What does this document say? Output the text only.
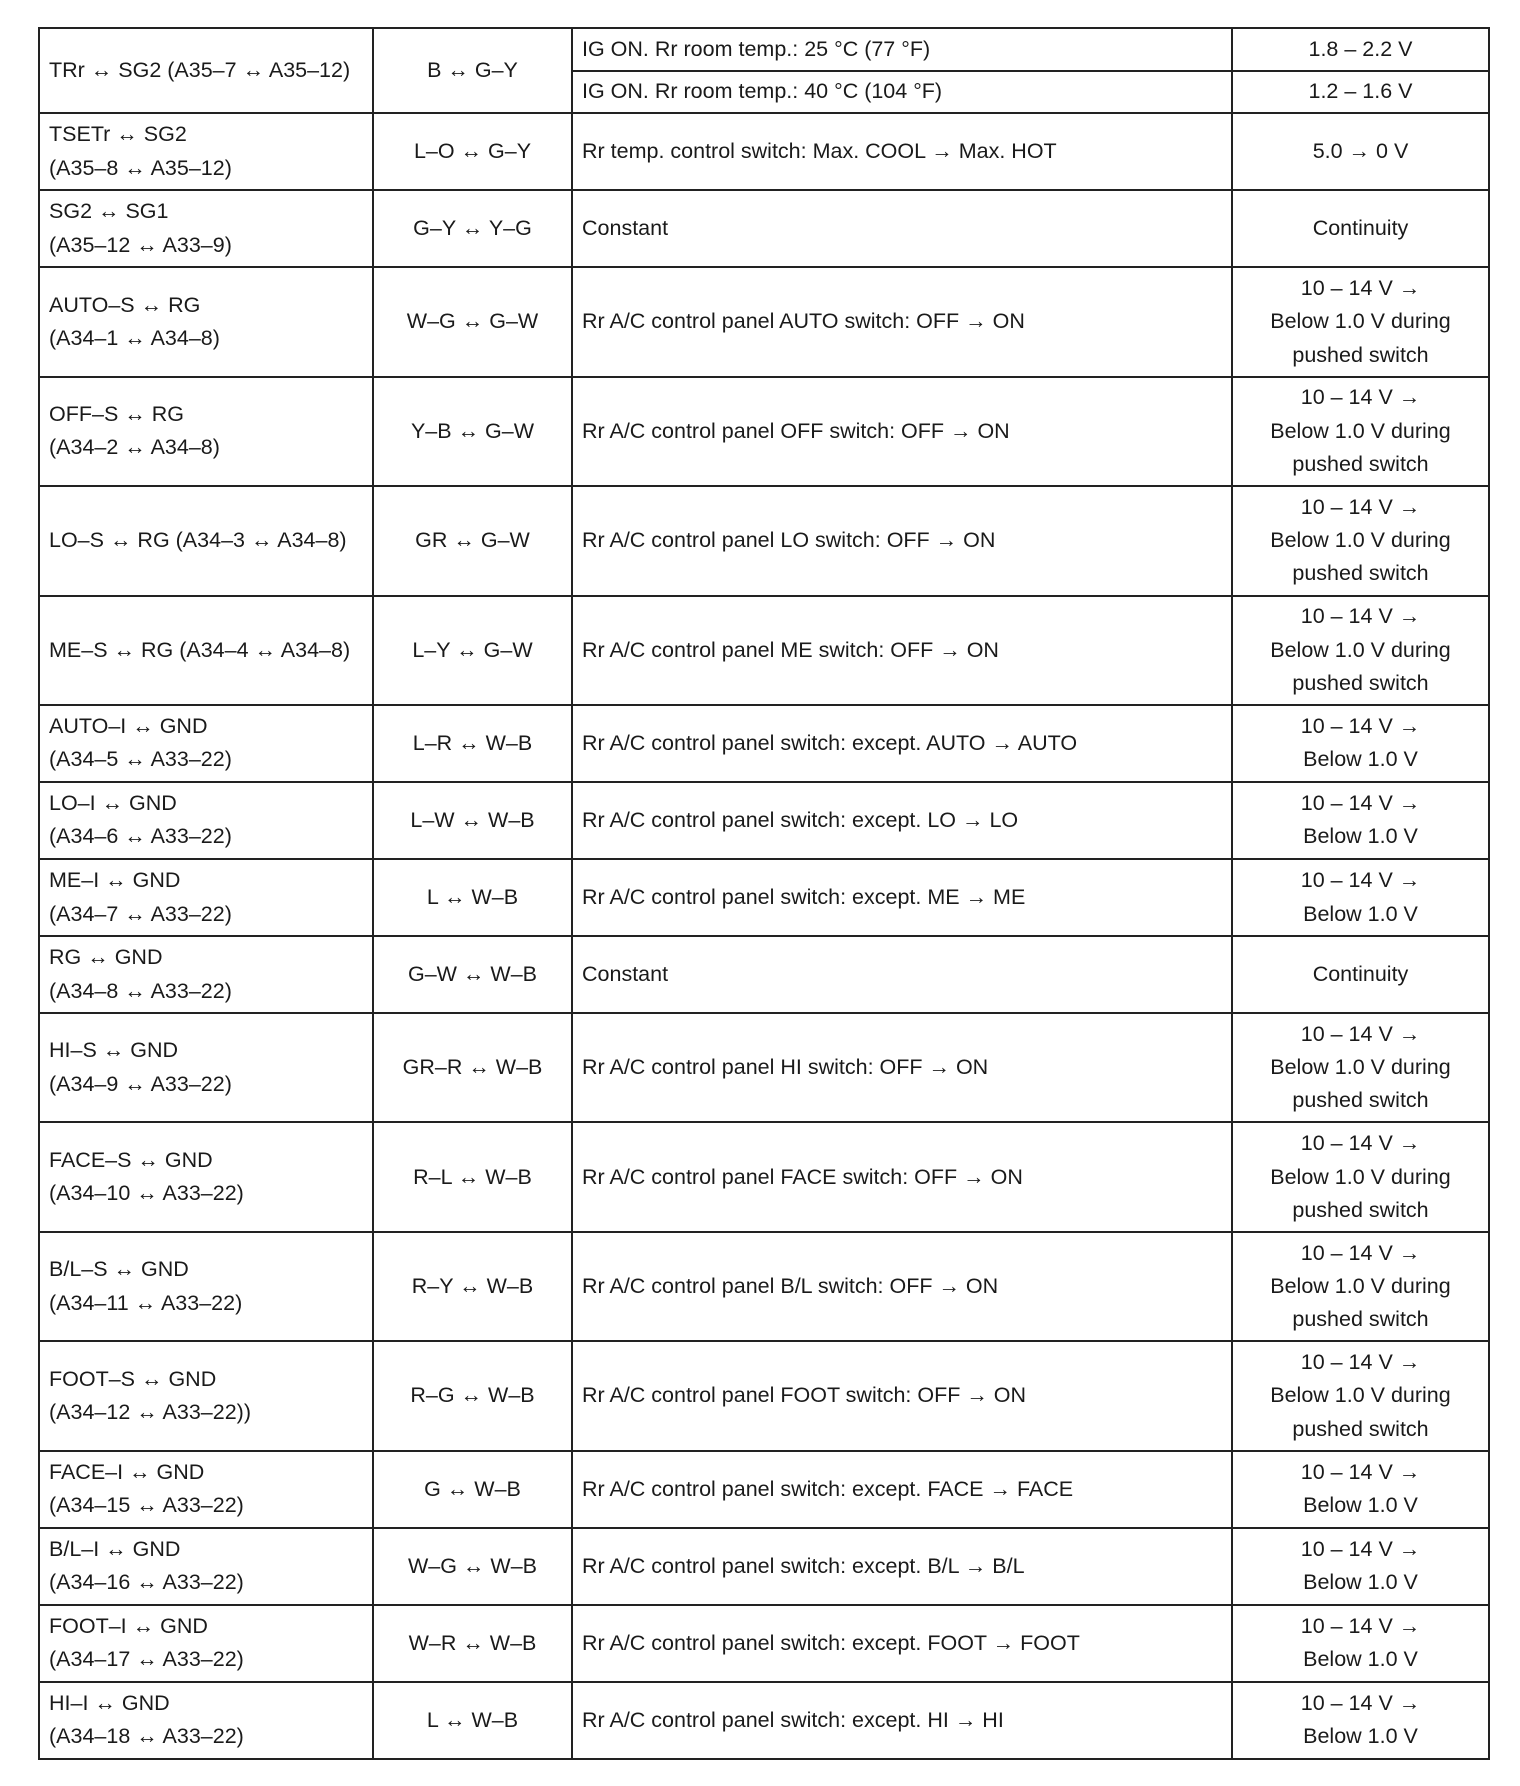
TRr ↔ SG2 (A35–7 ↔ A35–12)	B ↔ G–Y	IG ON. Rr room temp.: 25 °C (77 °F)	1.8 – 2.2 V

		IG ON. Rr room temp.: 40 °C (104 °F)	1.2 – 1.6 V

TSETr ↔ SG2
(A35–8 ↔ A35–12)	L–O ↔ G–Y	Rr temp. control switch: Max. COOL → Max. HOT	5.0 → 0 V

SG2 ↔ SG1
(A35–12 ↔ A33–9)	G–Y ↔ Y–G	Constant	Continuity

AUTO–S ↔ RG
(A34–1 ↔ A34–8)	W–G ↔ G–W	Rr A/C control panel AUTO switch: OFF → ON	10 – 14 V →
Below 1.0 V during
pushed switch

OFF–S ↔ RG
(A34–2 ↔ A34–8)	Y–B ↔ G–W	Rr A/C control panel OFF switch: OFF → ON	10 – 14 V →
Below 1.0 V during
pushed switch

LO–S ↔ RG (A34–3 ↔ A34–8)	GR ↔ G–W	Rr A/C control panel LO switch: OFF → ON	10 – 14 V →
Below 1.0 V during
pushed switch

ME–S ↔ RG (A34–4 ↔ A34–8)	L–Y ↔ G–W	Rr A/C control panel ME switch: OFF → ON	10 – 14 V →
Below 1.0 V during
pushed switch

AUTO–I ↔ GND
(A34–5 ↔ A33–22)	L–R ↔ W–B	Rr A/C control panel switch: except. AUTO → AUTO	10 – 14 V →
Below 1.0 V

LO–I ↔ GND
(A34–6 ↔ A33–22)	L–W ↔ W–B	Rr A/C control panel switch: except. LO → LO	10 – 14 V →
Below 1.0 V

ME–I ↔ GND
(A34–7 ↔ A33–22)	L ↔ W–B	Rr A/C control panel switch: except. ME → ME	10 – 14 V →
Below 1.0 V

RG ↔ GND
(A34–8 ↔ A33–22)	G–W ↔ W–B	Constant	Continuity

HI–S ↔ GND
(A34–9 ↔ A33–22)	GR–R ↔ W–B	Rr A/C control panel HI switch: OFF → ON	10 – 14 V →
Below 1.0 V during
pushed switch

FACE–S ↔ GND
(A34–10 ↔ A33–22)	R–L ↔ W–B	Rr A/C control panel FACE switch: OFF → ON	10 – 14 V →
Below 1.0 V during
pushed switch

B/L–S ↔ GND
(A34–11 ↔ A33–22)	R–Y ↔ W–B	Rr A/C control panel B/L switch: OFF → ON	10 – 14 V →
Below 1.0 V during
pushed switch

FOOT–S ↔ GND
(A34–12 ↔ A33–22))	R–G ↔ W–B	Rr A/C control panel FOOT switch: OFF → ON	10 – 14 V →
Below 1.0 V during
pushed switch

FACE–I ↔ GND
(A34–15 ↔ A33–22)	G ↔ W–B	Rr A/C control panel switch: except. FACE → FACE	10 – 14 V →
Below 1.0 V

B/L–I ↔ GND
(A34–16 ↔ A33–22)	W–G ↔ W–B	Rr A/C control panel switch: except. B/L → B/L	10 – 14 V →
Below 1.0 V

FOOT–I ↔ GND
(A34–17 ↔ A33–22)	W–R ↔ W–B	Rr A/C control panel switch: except. FOOT → FOOT	10 – 14 V →
Below 1.0 V

HI–I ↔ GND
(A34–18 ↔ A33–22)	L ↔ W–B	Rr A/C control panel switch: except. HI → HI	10 – 14 V →
Below 1.0 V
